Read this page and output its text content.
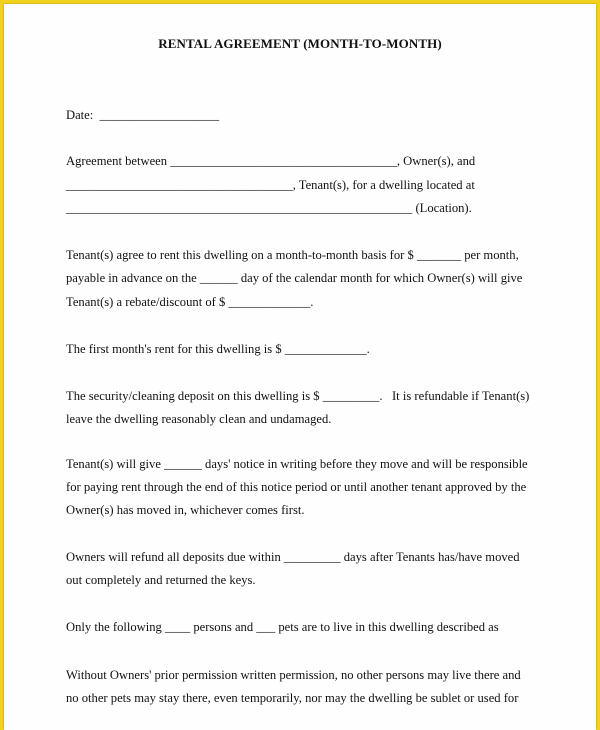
RENTAL AGREEMENT (MONTH-TO-MONTH)
Date:  ___________________
Agreement between ____________________________________, Owner(s), and
____________________________________, Tenant(s), for a dwelling located at
_______________________________________________________ (Location).
Tenant(s) agree to rent this dwelling on a month-to-month basis for $ _______ per month,
payable in advance on the ______ day of the calendar month for which Owner(s) will give
Tenant(s) a rebate/discount of $ _____________.
The first month's rent for this dwelling is $ _____________.
The security/cleaning deposit on this dwelling is $ _________.   It is refundable if Tenant(s)
leave the dwelling reasonably clean and undamaged.
Tenant(s) will give ______ days' notice in writing before they move and will be responsible
for paying rent through the end of this notice period or until another tenant approved by the
Owner(s) has moved in, whichever comes first.
Owners will refund all deposits due within _________ days after Tenants has/have moved
out completely and returned the keys.
Only the following ____ persons and ___ pets are to live in this dwelling described as
Without Owners' prior permission written permission, no other persons may live there and
no other pets may stay there, even temporarily, nor may the dwelling be sublet or used for
